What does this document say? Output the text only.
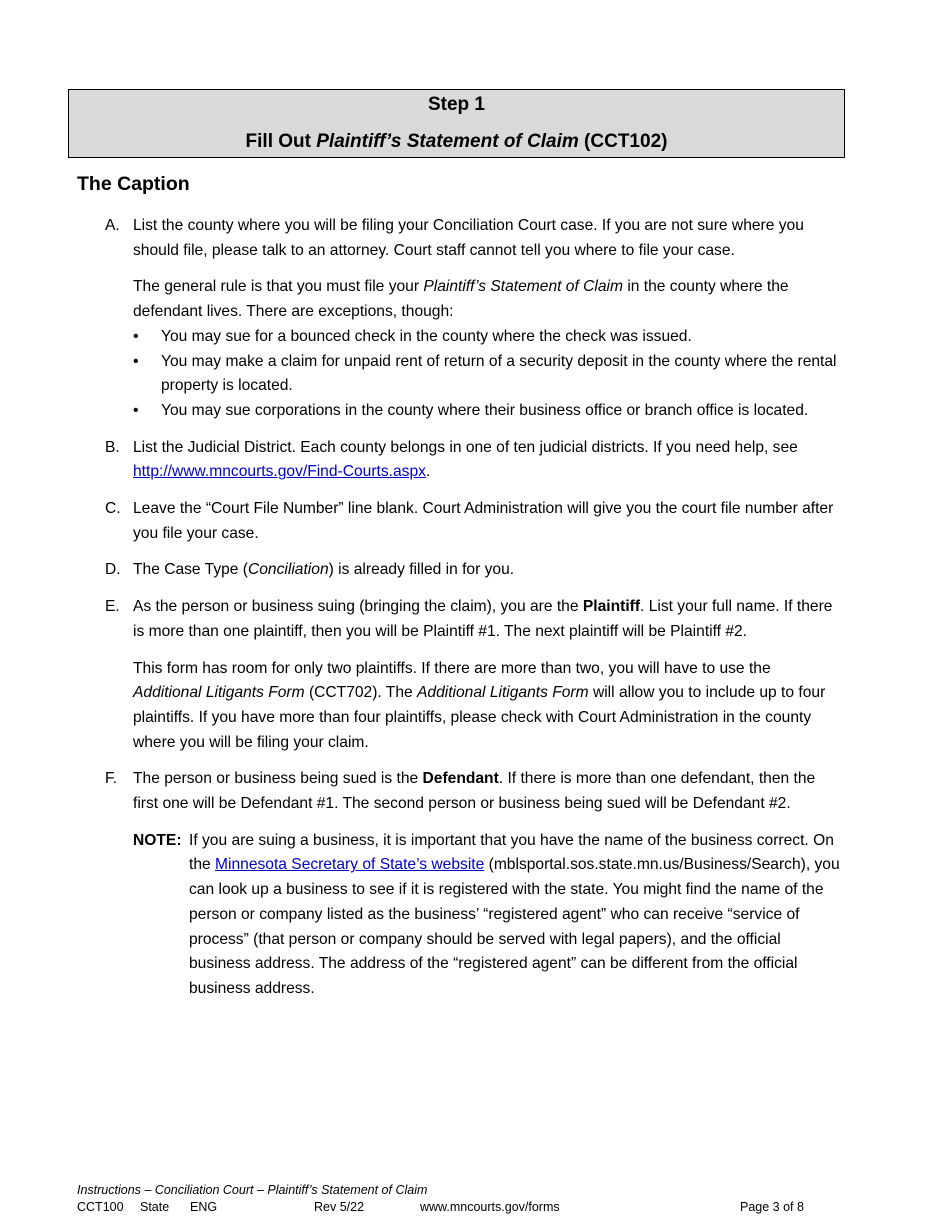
Step 1
Fill Out Plaintiff’s Statement of Claim (CCT102)
The Caption
A. List the county where you will be filing your Conciliation Court case. If you are not sure where you should file, please talk to an attorney. Court staff cannot tell you where to file your case.

The general rule is that you must file your Plaintiff’s Statement of Claim in the county where the defendant lives. There are exceptions, though:

• You may sue for a bounced check in the county where the check was issued.
• You may make a claim for unpaid rent of return of a security deposit in the county where the rental property is located.
• You may sue corporations in the county where their business office or branch office is located.
B. List the Judicial District. Each county belongs in one of ten judicial districts. If you need help, see http://www.mncourts.gov/Find-Courts.aspx.

C. Leave the “Court File Number” line blank. Court Administration will give you the court file number after you file your case.

D. The Case Type (Conciliation) is already filled in for you.

E. As the person or business suing (bringing the claim), you are the Plaintiff. List your full name. If there is more than one plaintiff, then you will be Plaintiff #1. The next plaintiff will be Plaintiff #2.

This form has room for only two plaintiffs. If there are more than two, you will have to use the Additional Litigants Form (CCT702). The Additional Litigants Form will allow you to include up to four plaintiffs. If you have more than four plaintiffs, please check with Court Administration in the county where you will be filing your claim.

F. The person or business being sued is the Defendant. If there is more than one defendant, then the first one will be Defendant #1. The second person or business being sued will be Defendant #2.

NOTE: If you are suing a business, it is important that you have the name of the business correct. On the Minnesota Secretary of State’s website (mblsportal.sos.state.mn.us/Business/Search), you can look up a business to see if it is registered with the state. You might find the name of the person or company listed as the business’ “registered agent” who can receive “service of process” (that person or company should be served with legal papers), and the official business address. The address of the “registered agent” can be different from the official business address.

Instructions – Conciliation Court – Plaintiff’s Statement of Claim
CCT100 State ENG	Rev 5/22	www.mncourts.gov/forms	Page 3 of 8
